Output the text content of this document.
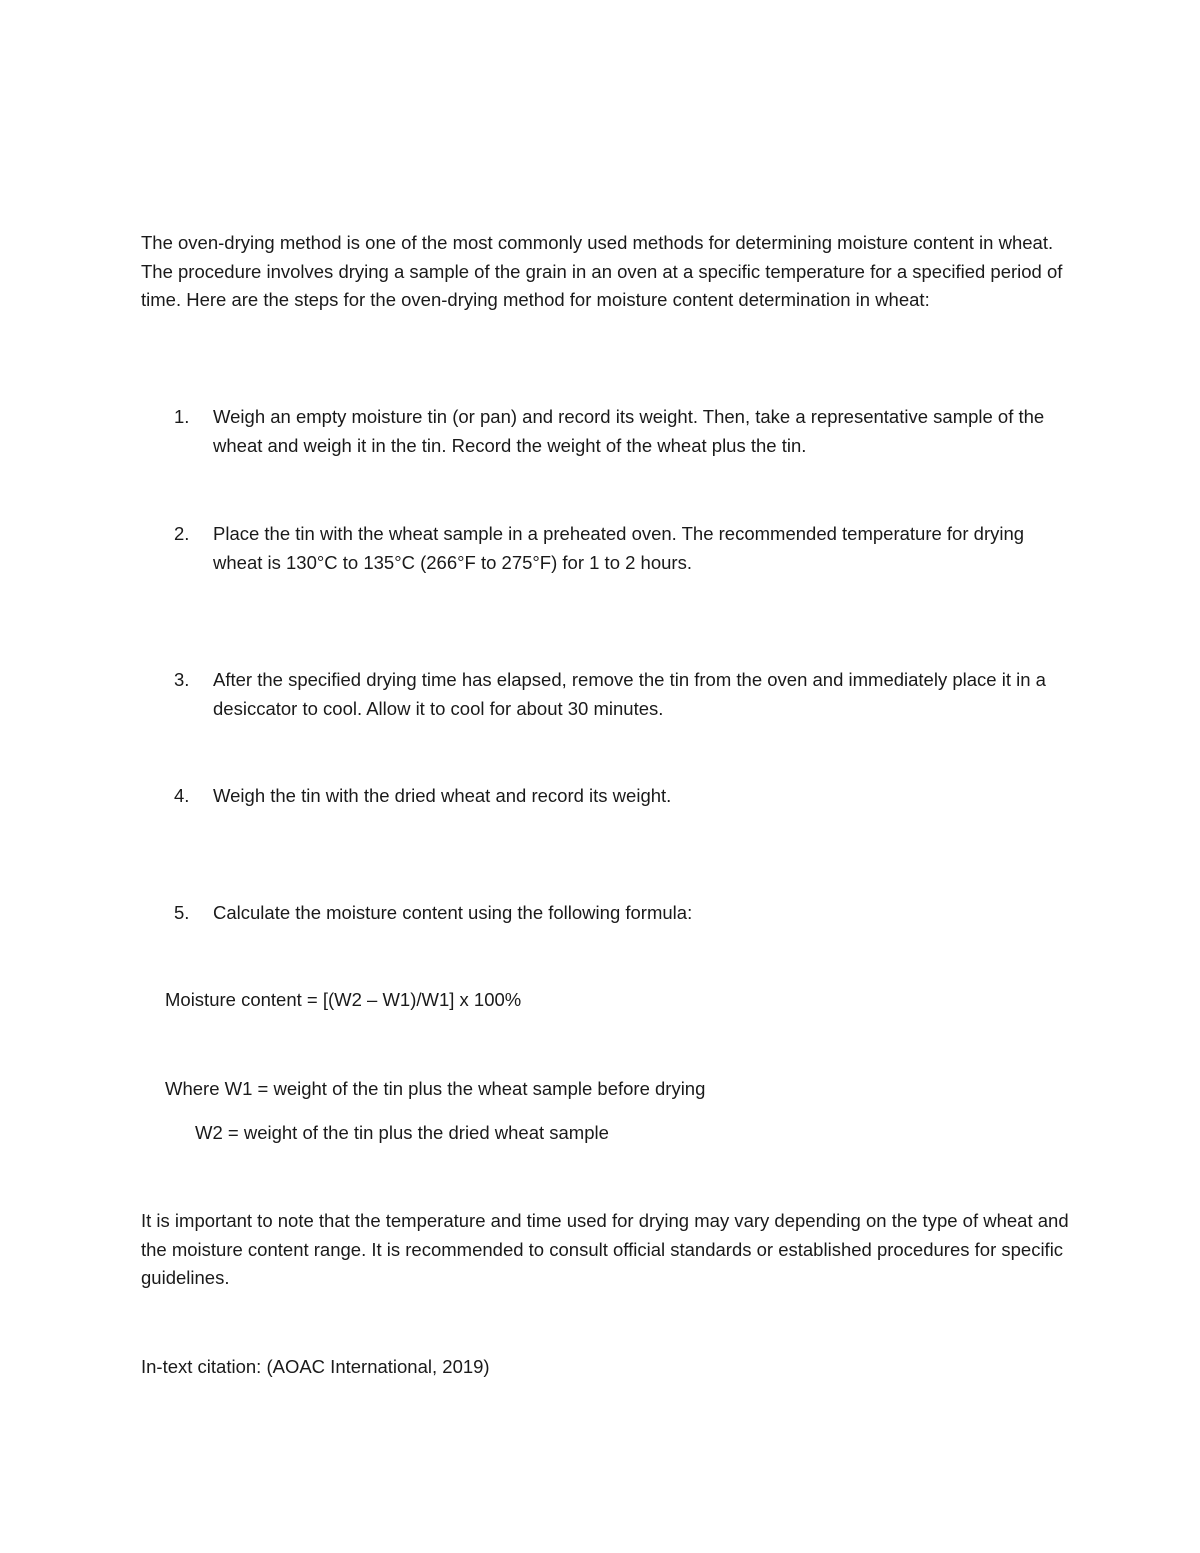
The oven-drying method is one of the most commonly used methods for determining moisture content in wheat. The procedure involves drying a sample of the grain in an oven at a specific temperature for a specified period of time. Here are the steps for the oven-drying method for moisture content determination in wheat:

1.	Weigh an empty moisture tin (or pan) and record its weight. Then, take a representative sample of the wheat and weigh it in the tin. Record the weight of the wheat plus the tin.
2.	Place the tin with the wheat sample in a preheated oven. The recommended temperature for drying wheat is 130°C to 135°C (266°F to 275°F) for 1 to 2 hours.
3.	After the specified drying time has elapsed, remove the tin from the oven and immediately place it in a desiccator to cool. Allow it to cool for about 30 minutes.
4.	Weigh the tin with the dried wheat and record its weight.
5.	Calculate the moisture content using the following formula:
Moisture content = [(W2 – W1)/W1] x 100%
Where W1 = weight of the tin plus the wheat sample before drying
W2 = weight of the tin plus the dried wheat sample

It is important to note that the temperature and time used for drying may vary depending on the type of wheat and the moisture content range. It is recommended to consult official standards or established procedures for specific guidelines.

In-text citation: (AOAC International, 2019)
